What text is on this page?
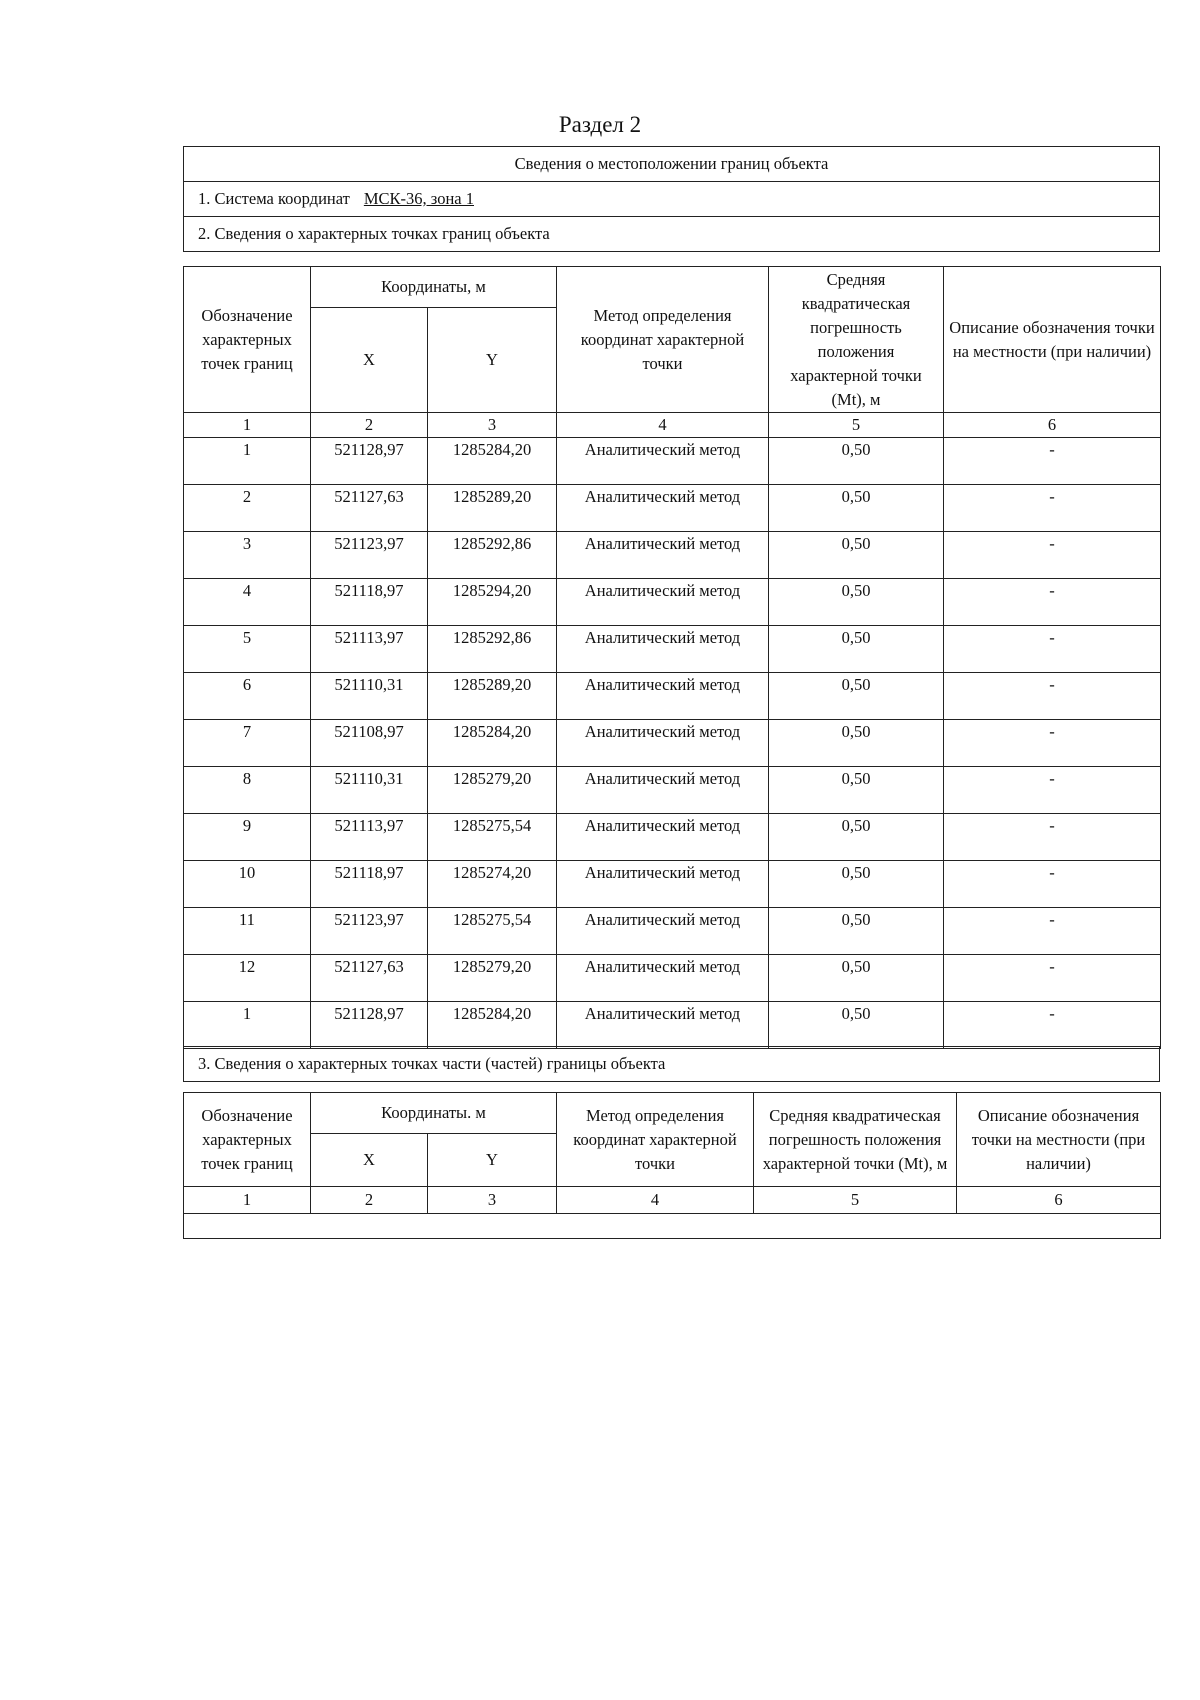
Раздел 2
Сведения о местоположении границ объекта
1. Система координат МСК-36, зона 1
2. Сведения о характерных точках границ объекта
Обозначение характерных точек границ	Координаты, м		Метод определения координат характерной точки	Средняя квадратическая погрешность положения характерной точки (Mt), м	Описание обозначения точки на местности (при наличии)
	X	Y			
1	2	3	4	5	6
1	521128,97	1285284,20	Аналитический метод	0,50	-
2	521127,63	1285289,20	Аналитический метод	0,50	-
3	521123,97	1285292,86	Аналитический метод	0,50	-
4	521118,97	1285294,20	Аналитический метод	0,50	-
5	521113,97	1285292,86	Аналитический метод	0,50	-
6	521110,31	1285289,20	Аналитический метод	0,50	-
7	521108,97	1285284,20	Аналитический метод	0,50	-
8	521110,31	1285279,20	Аналитический метод	0,50	-
9	521113,97	1285275,54	Аналитический метод	0,50	-
10	521118,97	1285274,20	Аналитический метод	0,50	-
11	521123,97	1285275,54	Аналитический метод	0,50	-
12	521127,63	1285279,20	Аналитический метод	0,50	-
1	521128,97	1285284,20	Аналитический метод	0,50	-
3. Сведения о характерных точках части (частей) границы объекта
Обозначение характерных точек границ	Координаты. м		Метод определения координат характерной точки	Средняя квадратическая погрешность положения характерной точки (Mt), м	Описание обозначения точки на местности (при наличии)
	X	Y			
1	2	3	4	5	6
